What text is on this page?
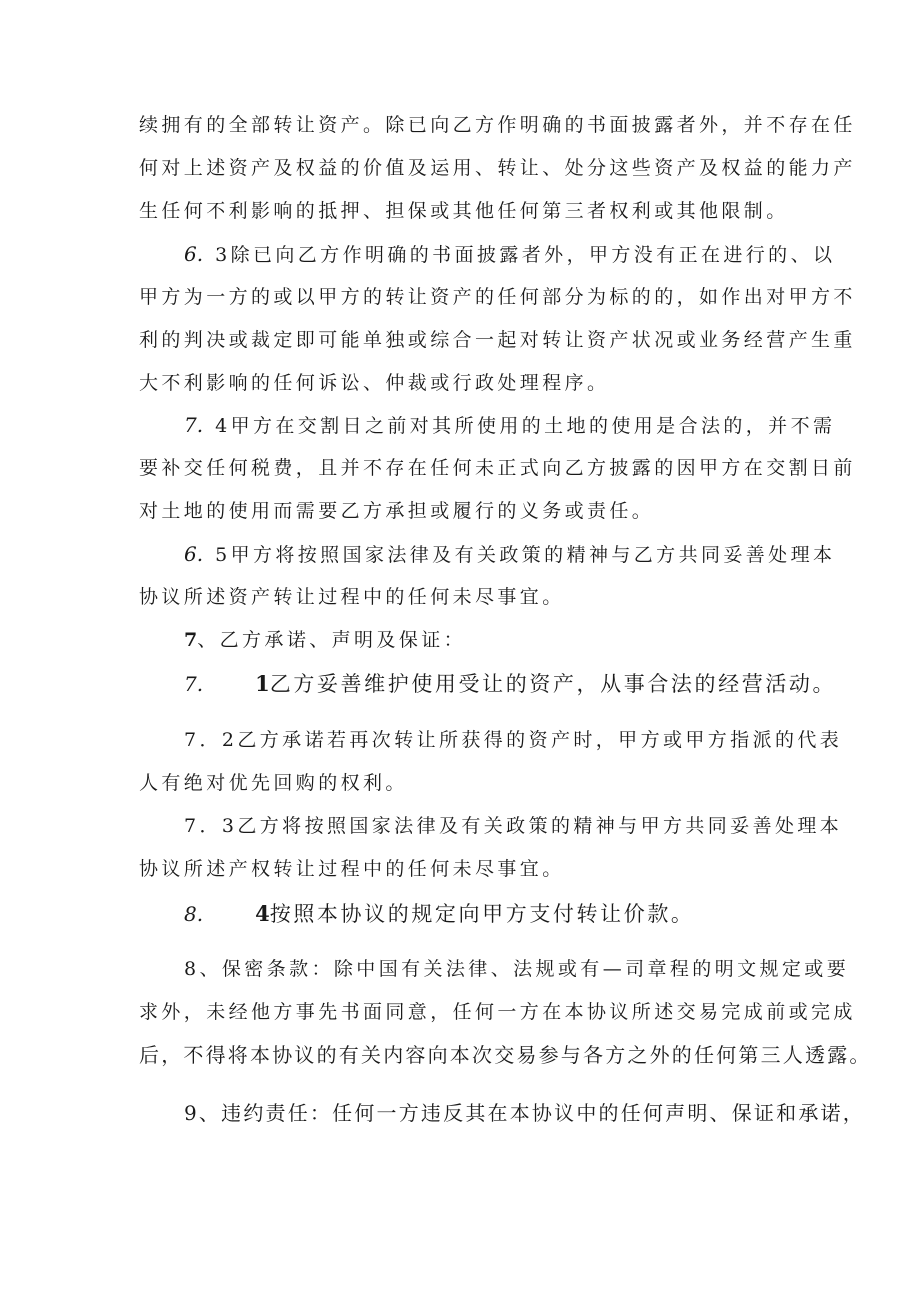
续拥有的全部转让资产。除已向乙方作明确的书面披露者外，并不存在任
何对上述资产及权益的价值及运用、转让、处分这些资产及权益的能力产
生任何不利影响的抵押、担保或其他任何第三者权利或其他限制。
6. 3除已向乙方作明确的书面披露者外，甲方没有正在进行的、以
甲方为一方的或以甲方的转让资产的任何部分为标的的，如作出对甲方不
利的判决或裁定即可能单独或综合一起对转让资产状况或业务经营产生重
大不利影响的任何诉讼、仲裁或行政处理程序。
7. 4甲方在交割日之前对其所使用的土地的使用是合法的，并不需
要补交任何税费，且并不存在任何未正式向乙方披露的因甲方在交割日前
对土地的使用而需要乙方承担或履行的义务或责任。
6. 5甲方将按照国家法律及有关政策的精神与乙方共同妥善处理本
协议所述资产转让过程中的任何未尽事宜。
7、乙方承诺、声明及保证：
7. 1乙方妥善维护使用受让的资产，从事合法的经营活动。
7．2乙方承诺若再次转让所获得的资产时，甲方或甲方指派的代表
人有绝对优先回购的权利。
7．3乙方将按照国家法律及有关政策的精神与甲方共同妥善处理本
协议所述产权转让过程中的任何未尽事宜。
8. 4按照本协议的规定向甲方支付转让价款。
8、保密条款：除中国有关法律、法规或有—司章程的明文规定或要
求外，未经他方事先书面同意，任何一方在本协议所述交易完成前或完成
后，不得将本协议的有关内容向本次交易参与各方之外的任何第三人透露。
9、违约责任：任何一方违反其在本协议中的任何声明、保证和承诺，
